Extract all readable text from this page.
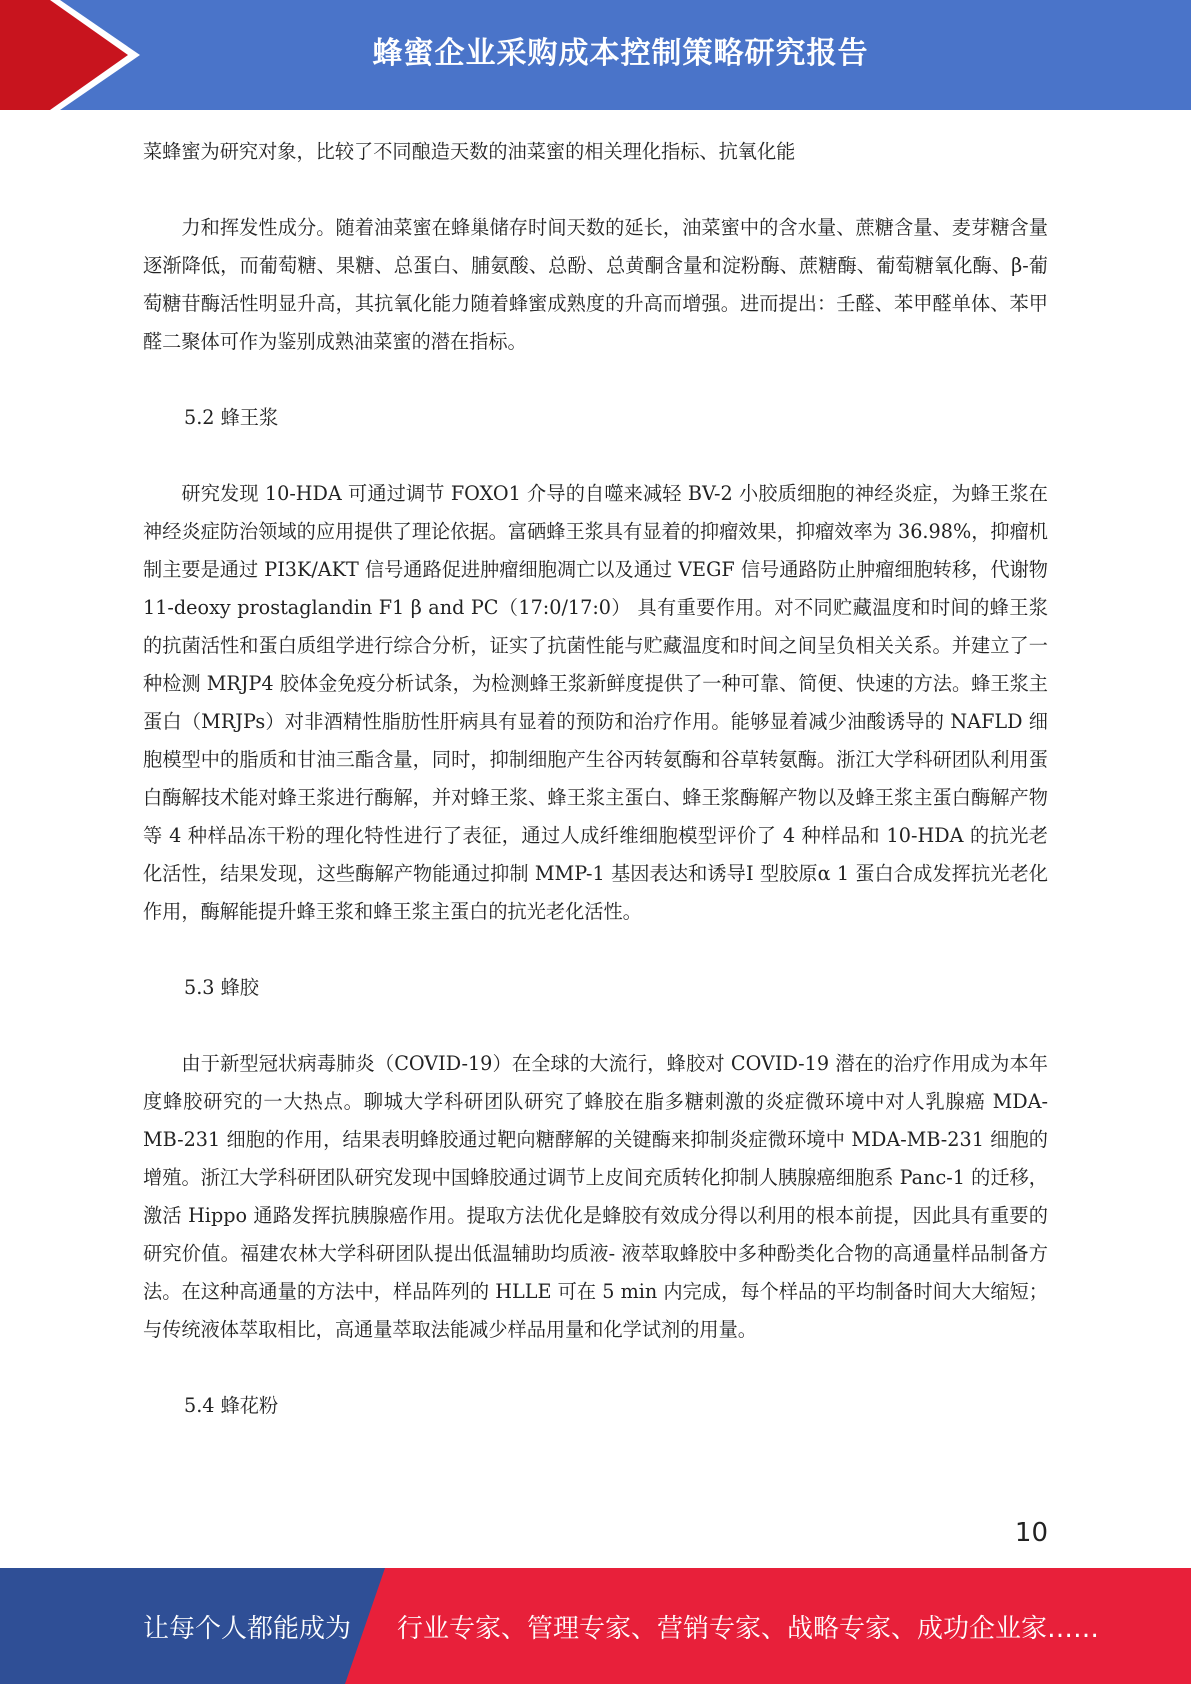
蜂蜜企业采购成本控制策略研究报告

菜蜂蜜为研究对象，比较了不同酿造天数的油菜蜜的相关理化指标、抗氧化能

力和挥发性成分。随着油菜蜜在蜂巢储存时间天数的延长，油菜蜜中的含水量、蔗糖含量、麦芽糖含量逐渐降低，而葡萄糖、果糖、总蛋白、脯氨酸、总酚、总黄酮含量和淀粉酶、蔗糖酶、葡萄糖氧化酶、β-葡萄糖苷酶活性明显升高，其抗氧化能力随着蜂蜜成熟度的升高而增强。进而提出：壬醛、苯甲醛单体、苯甲醛二聚体可作为鉴别成熟油菜蜜的潜在指标。

5.2 蜂王浆

研究发现 10-HDA 可通过调节 FOXO1 介导的自噬来减轻 BV-2 小胶质细胞的神经炎症，为蜂王浆在神经炎症防治领域的应用提供了理论依据。富硒蜂王浆具有显着的抑瘤效果，抑瘤效率为 36.98%，抑瘤机制主要是通过 PI3K/AKT 信号通路促进肿瘤细胞凋亡以及通过 VEGF 信号通路防止肿瘤细胞转移，代谢物 11-deoxy prostaglandin F1 β and PC（17:0/17:0） 具有重要作用。对不同贮藏温度和时间的蜂王浆的抗菌活性和蛋白质组学进行综合分析，证实了抗菌性能与贮藏温度和时间之间呈负相关关系。并建立了一种检测 MRJP4 胶体金免疫分析试条，为检测蜂王浆新鲜度提供了一种可靠、简便、快速的方法。蜂王浆主蛋白（MRJPs）对非酒精性脂肪性肝病具有显着的预防和治疗作用。能够显着减少油酸诱导的 NAFLD 细胞模型中的脂质和甘油三酯含量，同时，抑制细胞产生谷丙转氨酶和谷草转氨酶。浙江大学科研团队利用蛋白酶解技术能对蜂王浆进行酶解，并对蜂王浆、蜂王浆主蛋白、蜂王浆酶解产物以及蜂王浆主蛋白酶解产物等 4 种样品冻干粉的理化特性进行了表征，通过人成纤维细胞模型评价了 4 种样品和 10-HDA 的抗光老化活性，结果发现，这些酶解产物能通过抑制 MMP-1 基因表达和诱导Ⅰ 型胶原α 1 蛋白合成发挥抗光老化作用，酶解能提升蜂王浆和蜂王浆主蛋白的抗光老化活性。

5.3 蜂胶

由于新型冠状病毒肺炎（COVID-19）在全球的大流行，蜂胶对 COVID-19 潜在的治疗作用成为本年度蜂胶研究的一大热点。聊城大学科研团队研究了蜂胶在脂多糖刺激的炎症微环境中对人乳腺癌 MDA-MB-231 细胞的作用，结果表明蜂胶通过靶向糖酵解的关键酶来抑制炎症微环境中 MDA-MB-231 细胞的增殖。浙江大学科研团队研究发现中国蜂胶通过调节上皮间充质转化抑制人胰腺癌细胞系 Panc-1 的迁移，激活 Hippo 通路发挥抗胰腺癌作用。提取方法优化是蜂胶有效成分得以利用的根本前提，因此具有重要的研究价值。福建农林大学科研团队提出低温辅助均质液- 液萃取蜂胶中多种酚类化合物的高通量样品制备方法。在这种高通量的方法中，样品阵列的 HLLE 可在 5 min 内完成，每个样品的平均制备时间大大缩短；与传统液体萃取相比，高通量萃取法能减少样品用量和化学试剂的用量。

5.4 蜂花粉

10
让每个人都能成为 行业专家、管理专家、营销专家、战略专家、成功企业家……
